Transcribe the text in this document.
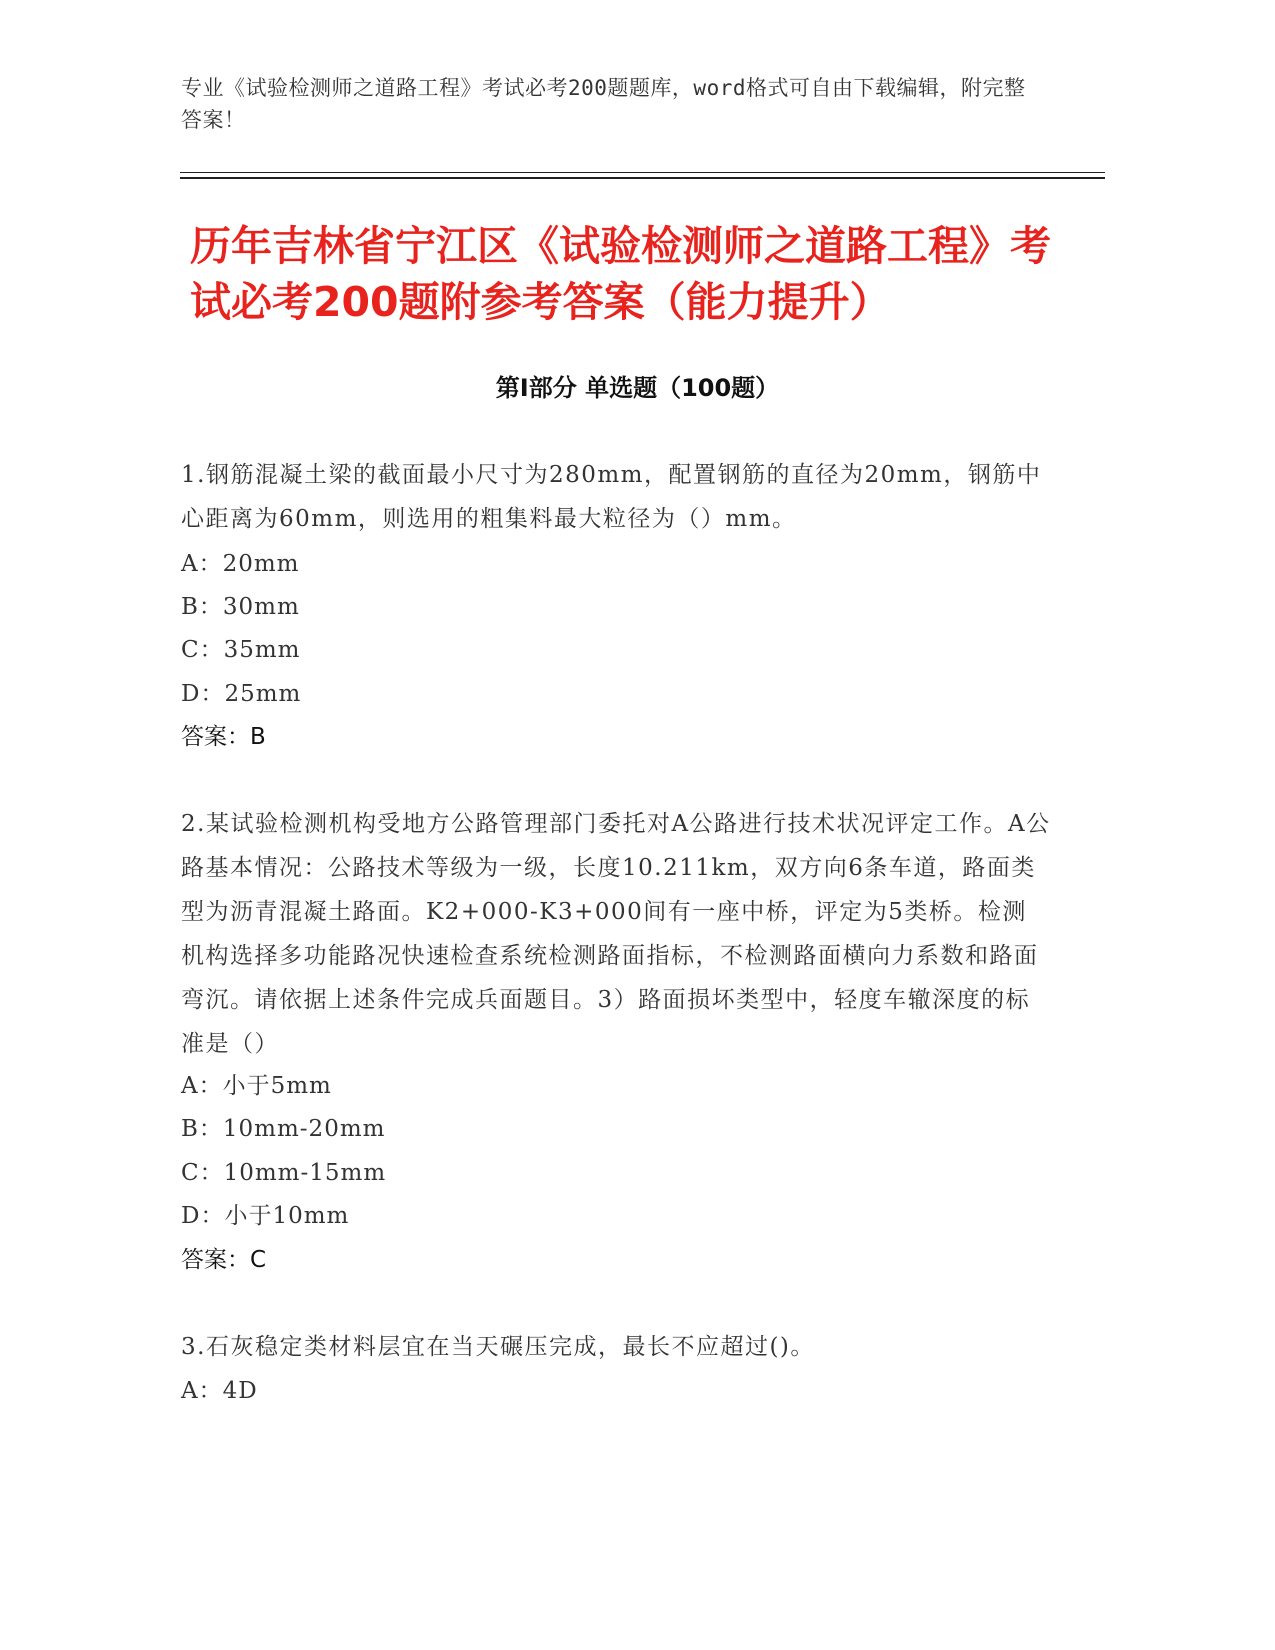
专业《试验检测师之道路工程》考试必考200题题库，word格式可自由下载编辑，附完整答案！
历年吉林省宁江区《试验检测师之道路工程》考试必考200题附参考答案（能力提升）
第Ⅰ部分 单选题（100题）
1.钢筋混凝土梁的截面最小尺寸为280mm，配置钢筋的直径为20mm，钢筋中心距离为60mm，则选用的粗集料最大粒径为（）mm。
A：20mm
B：30mm
C：35mm
D：25mm
答案：B
2.某试验检测机构受地方公路管理部门委托对A公路进行技术状况评定工作。A公路基本情况：公路技术等级为一级，长度10.211km，双方向6条车道，路面类型为沥青混凝土路面。K2+000-K3+000间有一座中桥，评定为5类桥。检测机构选择多功能路况快速检查系统检测路面指标，不检测路面横向力系数和路面弯沉。请依据上述条件完成兵面题目。3）路面损坏类型中，轻度车辙深度的标准是（）
A：小于5mm
B：10mm-20mm
C：10mm-15mm
D：小于10mm
答案：C
3.石灰稳定类材料层宜在当天碾压完成，最长不应超过()。
A：4D
